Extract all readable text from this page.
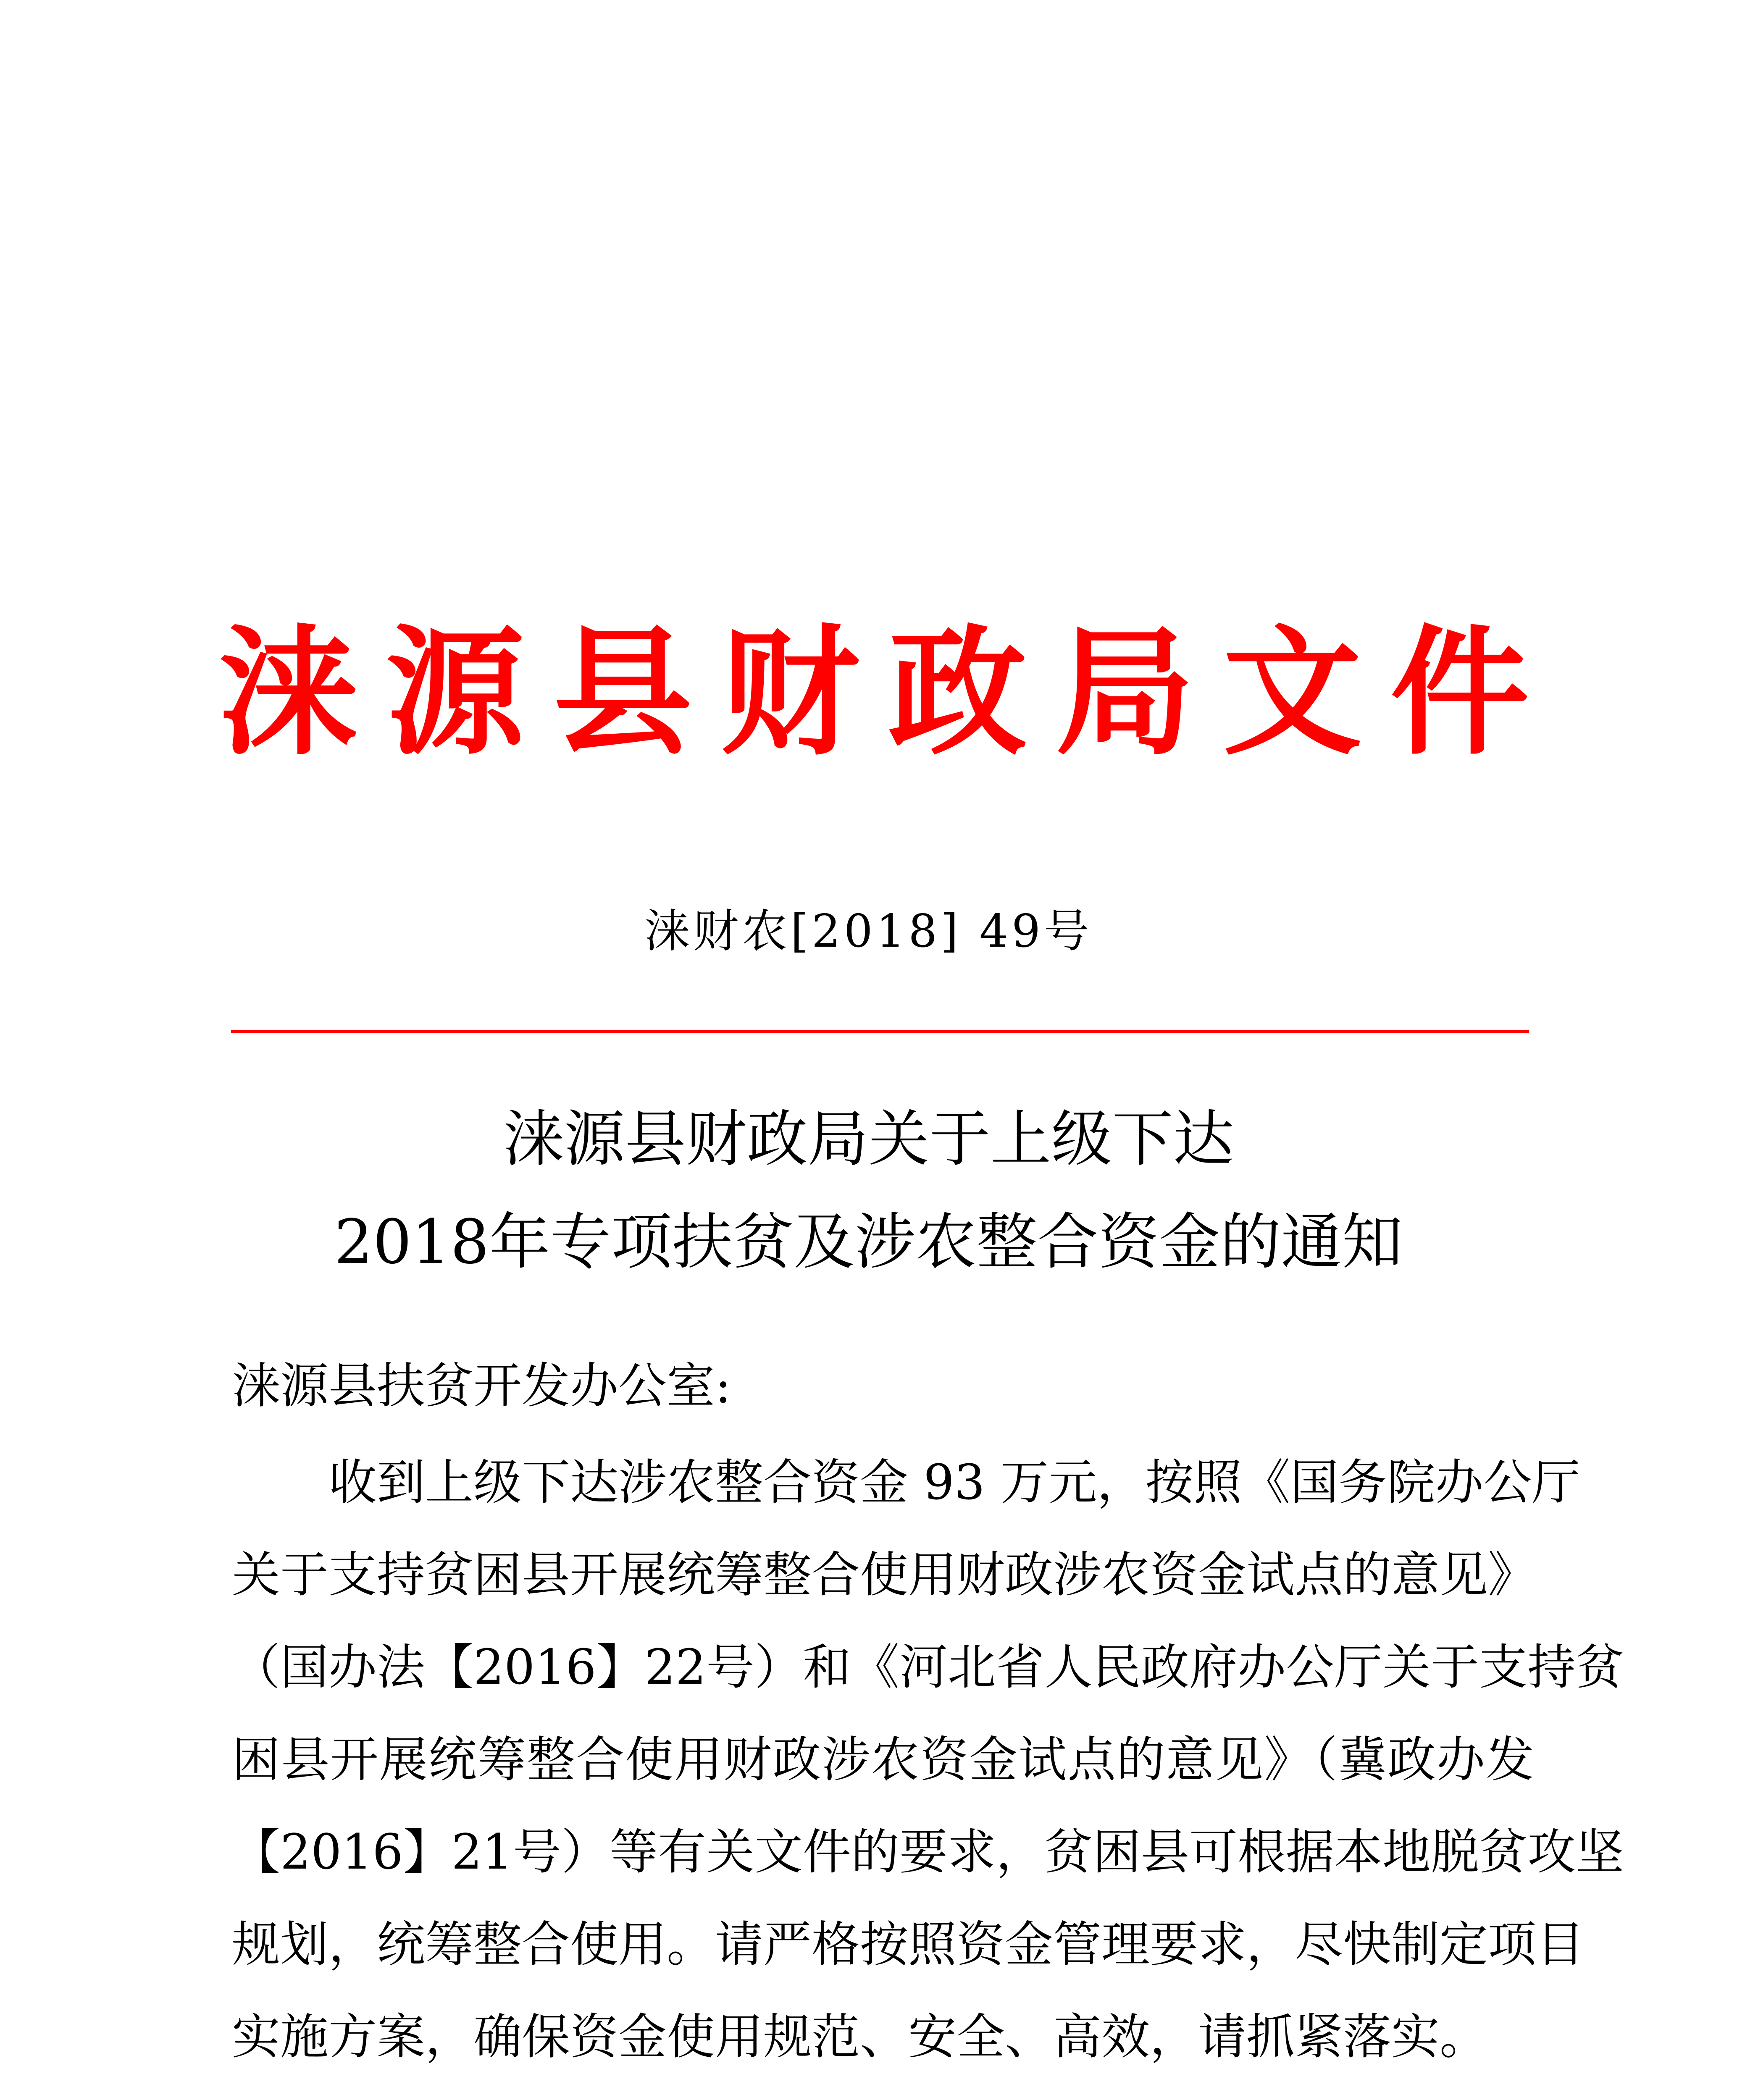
涞 源 县 财 政 局 文 件
涞财农[2018] 49号
涞源县财政局关于上级下达
2018年专项扶贫及涉农整合资金的通知
涞源县扶贫开发办公室:
收到上级下达涉农整合资金 93 万元，按照《国务院办公厅
关于支持贫困县开展统筹整合使用财政涉农资金试点的意见》
（国办法【2016】22号）和《河北省人民政府办公厅关于支持贫
困县开展统筹整合使用财政涉农资金试点的意见》（冀政办发
【2016】21号）等有关文件的要求，贫困县可根据本地脱贫攻坚
规划，统筹整合使用。请严格按照资金管理要求，尽快制定项目
实施方案，确保资金使用规范、安全、高效，请抓紧落实。
